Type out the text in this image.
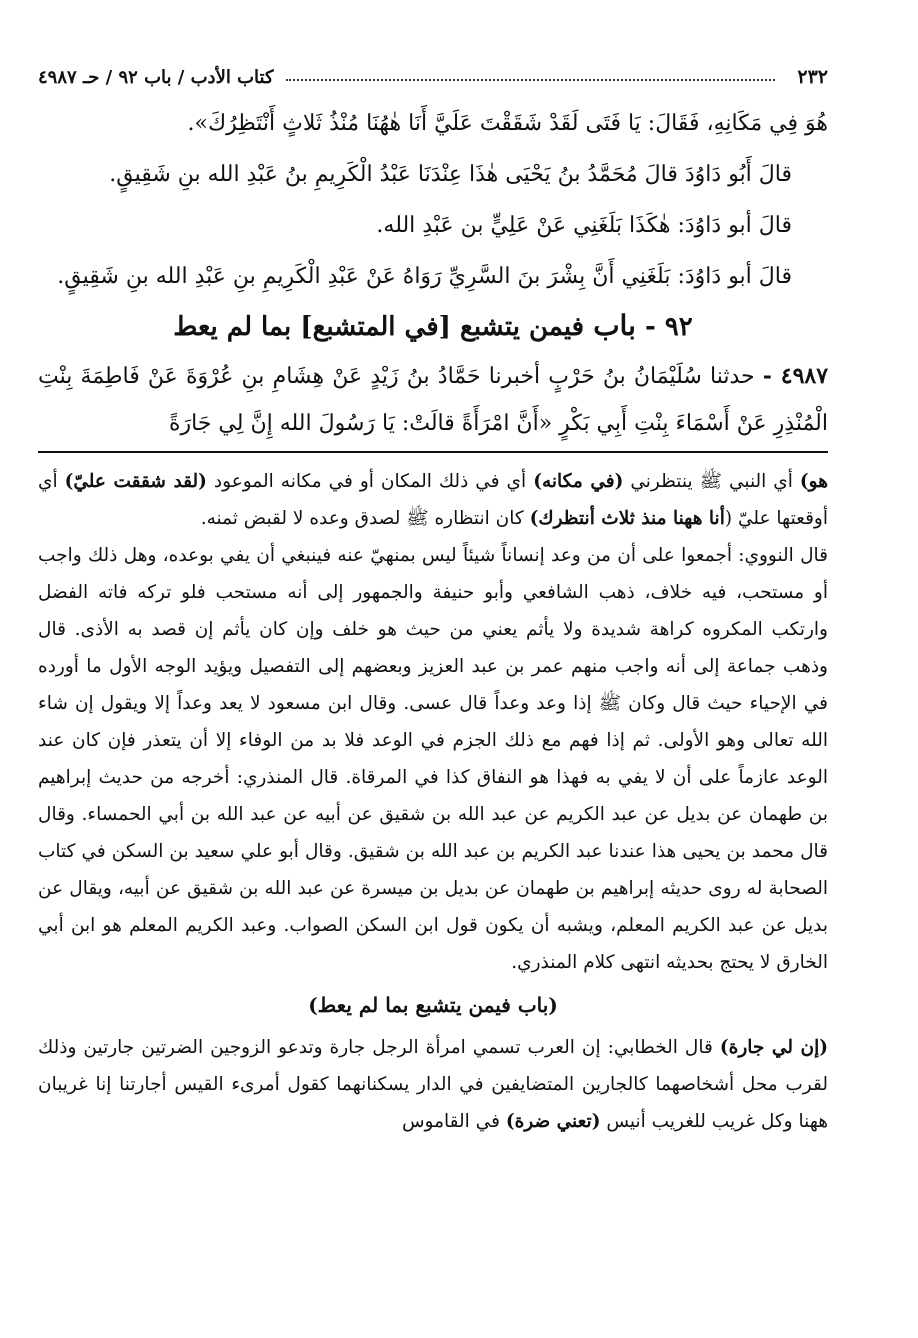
٢٣٢
كتاب الأدب / باب ٩٢ / حـ ٤٩٨٧

هُوَ فِي مَكَانِهِ، فَقَالَ: يَا فَتَى لَقَدْ شَقَقْتَ عَلَيَّ أَنَا هٰهُنَا مُنْذُ ثَلاثٍ أَنْتَظِرُكَ».

قالَ أَبُو دَاوُدَ قالَ مُحَمَّدُ بنُ يَحْيَى هٰذَا عِنْدَنَا عَبْدُ الْكَرِيمِ بنُ عَبْدِ الله بنِ شَقِيقٍ.

قالَ أبو دَاوُدَ: هٰكَذَا بَلَغَنِي عَنْ عَلِيٍّ بن عَبْدِ الله.

قالَ أبو دَاوُدَ: بَلَغَنِي أَنَّ بِشْرَ بنَ السَّرِيِّ رَوَاهُ عَنْ عَبْدِ الْكَرِيمِ بنِ عَبْدِ الله بنِ شَقِيقٍ.

٩٢ - باب فيمن يتشبع [في المتشبع] بما لم يعط
٤٩٨٧ - حدثنا سُلَيْمَانُ بنُ حَرْبٍ أخبرنا حَمَّادُ بنُ زَيْدٍ عَنْ هِشَامِ بنِ عُرْوَةَ عَنْ فَاطِمَةَ بِنْتِ الْمُنْذِرِ عَنْ أَسْمَاءَ بِنْتِ أَبِي بَكْرٍ «أَنَّ امْرَأَةً قالَتْ: يَا رَسُولَ الله إِنَّ لِي جَارَةً

هو) أي النبي ﷺ ينتظرني (في مكانه) أي في ذلك المكان أو في مكانه الموعود (لقد شققت عليّ) أي أوقعتها عليّ (أنا ههنا منذ ثلاث أنتظرك) كان انتظاره ﷺ لصدق وعده لا لقبض ثمنه.

قال النووي: أجمعوا على أن من وعد إنساناً شيئاً ليس بمنهيّ عنه فينبغي أن يفي بوعده، وهل ذلك واجب أو مستحب، فيه خلاف، ذهب الشافعي وأبو حنيفة والجمهور إلى أنه مستحب فلو تركه فاته الفضل وارتكب المكروه كراهة شديدة ولا يأثم يعني من حيث هو خلف وإن كان يأثم إن قصد به الأذى. قال وذهب جماعة إلى أنه واجب منهم عمر بن عبد العزيز وبعضهم إلى التفصيل ويؤيد الوجه الأول ما أورده في الإحياء حيث قال وكان ﷺ إذا وعد وعداً قال عسى. وقال ابن مسعود لا يعد وعداً إلا ويقول إن شاء الله تعالى وهو الأولى. ثم إذا فهم مع ذلك الجزم في الوعد فلا بد من الوفاء إلا أن يتعذر فإن كان عند الوعد عازماً على أن لا يفي به فهذا هو النفاق كذا في المرقاة. قال المنذري: أخرجه من حديث إبراهيم بن طهمان عن بديل عن عبد الكريم عن عبد الله بن شقيق عن أبيه عن عبد الله بن أبي الحمساء. وقال قال محمد بن يحيى هذا عندنا عبد الكريم بن عبد الله بن شقيق. وقال أبو علي سعيد بن السكن في كتاب الصحابة له روى حديثه إبراهيم بن طهمان عن بديل بن ميسرة عن عبد الله بن شقيق عن أبيه، ويقال عن بديل عن عبد الكريم المعلم، ويشبه أن يكون قول ابن السكن الصواب. وعبد الكريم المعلم هو ابن أبي الخارق لا يحتج بحديثه انتهى كلام المنذري.

(باب فيمن يتشبع بما لم يعط)

(إن لي جارة) قال الخطابي: إن العرب تسمي امرأة الرجل جارة وتدعو الزوجين الضرتين جارتين وذلك لقرب محل أشخاصهما كالجارين المتضايفين في الدار يسكنانهما كقول أمرىء القيس أجارتنا إنا غريبان ههنا وكل غريب للغريب أنيس (تعني ضرة) في القاموس
